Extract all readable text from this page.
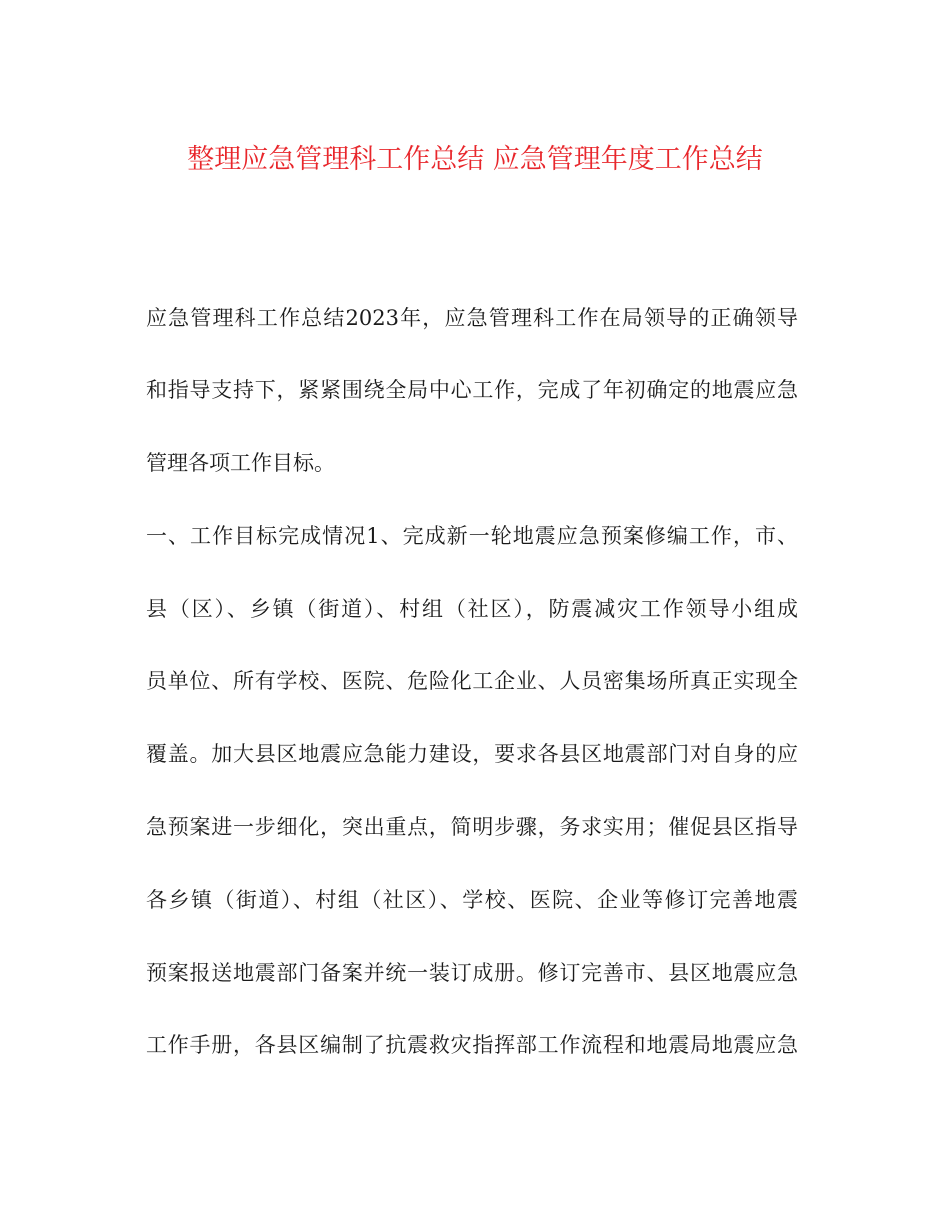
整理应急管理科工作总结 应急管理年度工作总结
应急管理科工作总结2023年，应急管理科工作在局领导的正确领导
和指导支持下，紧紧围绕全局中心工作，完成了年初确定的地震应急
管理各项工作目标。
一、工作目标完成情况1、完成新一轮地震应急预案修编工作，市、
县（区）、乡镇（街道）、村组（社区），防震减灾工作领导小组成
员单位、所有学校、医院、危险化工企业、人员密集场所真正实现全
覆盖。加大县区地震应急能力建设，要求各县区地震部门对自身的应
急预案进一步细化，突出重点，简明步骤，务求实用；催促县区指导
各乡镇（街道）、村组（社区）、学校、医院、企业等修订完善地震
预案报送地震部门备案并统一装订成册。修订完善市、县区地震应急
工作手册，各县区编制了抗震救灾指挥部工作流程和地震局地震应急
